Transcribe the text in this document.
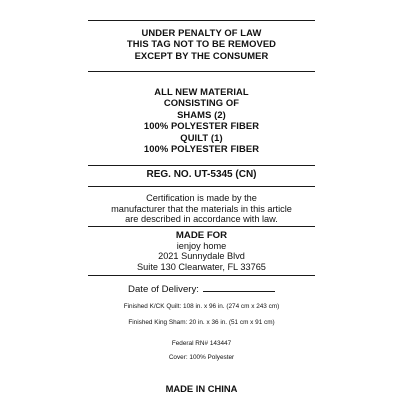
UNDER PENALTY OF LAW
THIS TAG NOT TO BE REMOVED
EXCEPT BY THE CONSUMER
ALL NEW MATERIAL
CONSISTING OF
SHAMS (2)
100% POLYESTER FIBER
QUILT (1)
100% POLYESTER FIBER
REG. NO. UT-5345 (CN)
Certification is made by the
manufacturer that the materials in this article
are described in accordance with law.
MADE FOR
ienjoy home
2021 Sunnydale Blvd
Suite 130 Clearwater, FL 33765
Date of Delivery:
Finished K/CK Quilt: 108 in. x 96 in. (274 cm x 243 cm)
Finished King Sham: 20 in. x 36 in. (51 cm x 91 cm)
Federal RN# 143447
Cover: 100% Polyester
MADE IN CHINA
